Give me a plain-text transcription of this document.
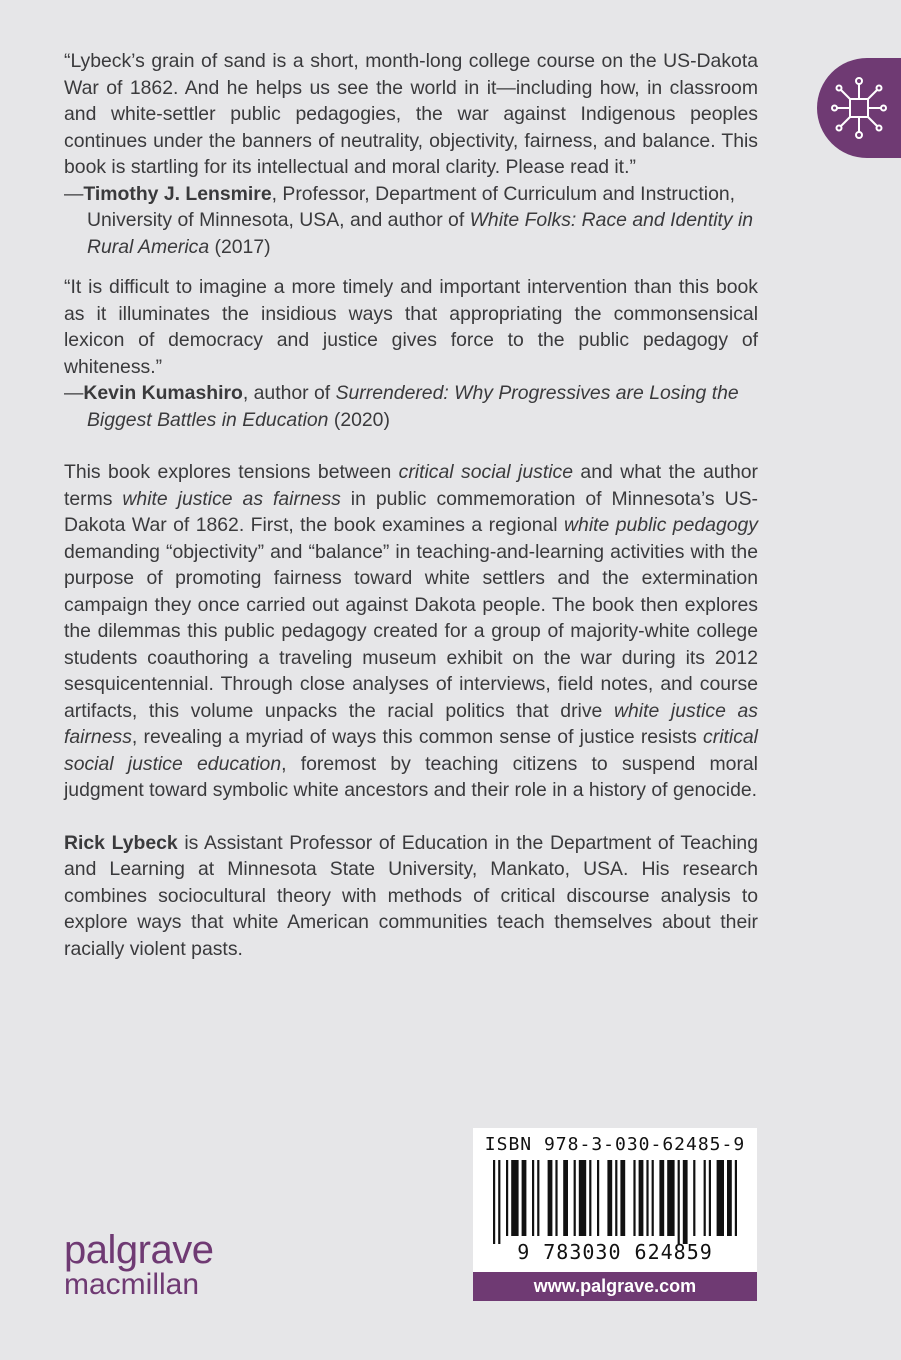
“Lybeck’s grain of sand is a short, month-long college course on the US-Dakota War of 1862. And he helps us see the world in it—including how, in classroom and white-settler public pedagogies, the war against Indigenous peoples continues under the banners of neutrality, objectivity, fairness, and balance. This book is startling for its intellectual and moral clarity. Please read it.”

—Timothy J. Lensmire, Professor, Department of Curriculum and Instruction, University of Minnesota, USA, and author of White Folks: Race and Identity in Rural America (2017)

“It is difficult to imagine a more timely and important intervention than this book as it illuminates the insidious ways that appropriating the commonsensical lexicon of democracy and justice gives force to the public pedagogy of whiteness.”

—Kevin Kumashiro, author of Surrendered: Why Progressives are Losing the Biggest Battles in Education (2020)

This book explores tensions between critical social justice and what the author terms white justice as fairness in public commemoration of Minnesota’s US-Dakota War of 1862. First, the book examines a regional white public pedagogy demanding “objectivity” and “balance” in teaching-and-learning activities with the purpose of promoting fairness toward white settlers and the extermination campaign they once carried out against Dakota people. The book then explores the dilemmas this public pedagogy created for a group of majority-white college students coauthoring a traveling museum exhibit on the war during its 2012 sesquicentennial. Through close analyses of interviews, field notes, and course artifacts, this volume unpacks the racial politics that drive white justice as fairness, revealing a myriad of ways this common sense of justice resists critical social justice education, foremost by teaching citizens to suspend moral judgment toward symbolic white ancestors and their role in a history of genocide.

Rick Lybeck is Assistant Professor of Education in the Department of Teaching and Learning at Minnesota State University, Mankato, USA. His research combines sociocultural theory with methods of critical discourse analysis to explore ways that white American communities teach themselves about their racially violent pasts.

ISBN 978-3-030-62485-9
9 783030 624859
www.palgrave.com
palgrave
macmillan
